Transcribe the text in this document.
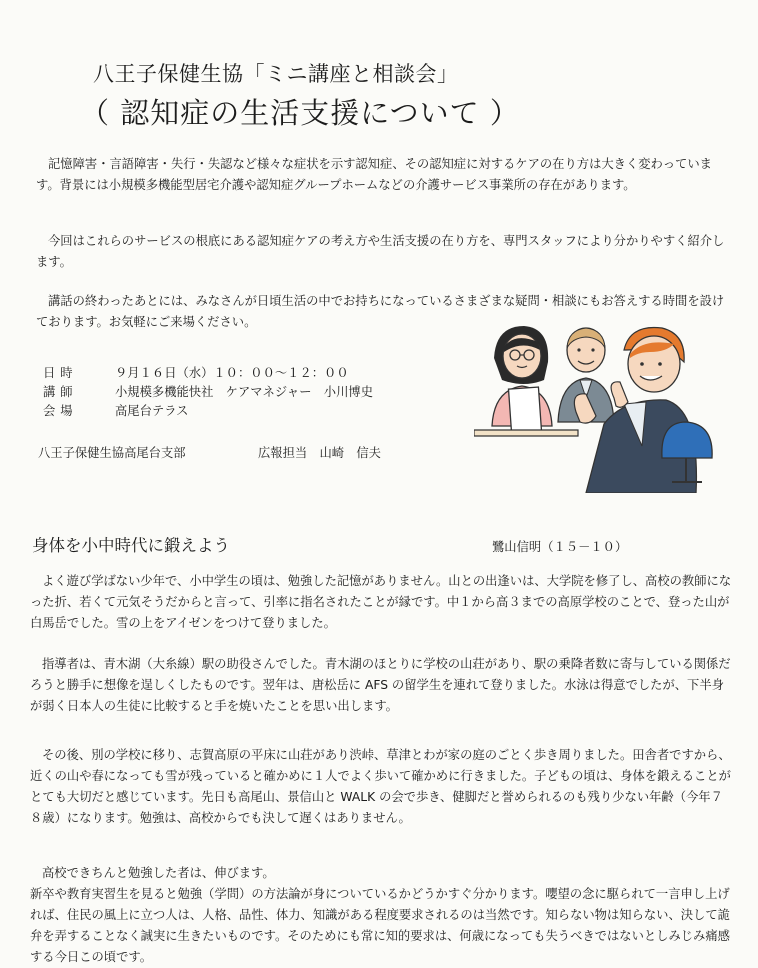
八王子保健生協「ミニ講座と相談会」
（ 認知症の生活支援について ）

記憶障害・言語障害・失行・失認など様々な症状を示す認知症、その認知症に対するケアの在り方は大きく変わっています。背景には小規模多機能型居宅介護や認知症グループホームなどの介護サービス事業所の存在があります。

今回はこれらのサービスの根底にある認知症ケアの考え方や生活支援の在り方を、専門スタッフにより分かりやすく紹介します。

講話の終わったあとには、みなさんが日頃生活の中でお持ちになっているさまざまな疑問・相談にもお答えする時間を設けております。お気軽にご来場ください。

日時	９月１６日（水）１０：００～１２：００
講師	小規模多機能快社　ケアマネジャー　小川博史
会場	高尾台テラス
八王子保健生協高尾台支部	広報担当　山崎　信夫
身体を小中時代に鍛えよう	鷺山信明（１５－１０）

よく遊び学ばない少年で、小中学生の頃は、勉強した記憶がありません。山との出逢いは、大学院を修了し、高校の教師になった折、若くて元気そうだからと言って、引率に指名されたことが縁です。中１から高３までの高原学校のことで、登った山が白馬岳でした。雪の上をアイゼンをつけて登りました。

指導者は、青木湖（大糸線）駅の助役さんでした。青木湖のほとりに学校の山荘があり、駅の乗降者数に寄与している関係だろうと勝手に想像を逞しくしたものです。翌年は、唐松岳に AFS の留学生を連れて登りました。水泳は得意でしたが、下半身が弱く日本人の生徒に比較すると手を焼いたことを思い出します。

その後、別の学校に移り、志賀高原の平床に山荘があり渋峠、草津とわが家の庭のごとく歩き周りました。田舎者ですから、近くの山や春になっても雪が残っていると確かめに１人でよく歩いて確かめに行きました。子どもの頃は、身体を鍛えることがとても大切だと感じています。先日も高尾山、景信山と WALK の会で歩き、健脚だと誉められるのも残り少ない年齢（今年７８歳）になります。勉強は、高校からでも決して遅くはありません。

高校できちんと勉強した者は、伸びます。
新卒や教育実習生を見ると勉強（学問）の方法論が身についているかどうかすぐ分かります。嚶望の念に駆られて一言申し上げれば、住民の風上に立つ人は、人格、品性、体力、知識がある程度要求されるのは当然です。知らない物は知らない、決して詭弁を弄することなく誠実に生きたいものです。そのためにも常に知的要求は、何歳になっても失うべきではないとしみじみ痛感する今日この頃です。
